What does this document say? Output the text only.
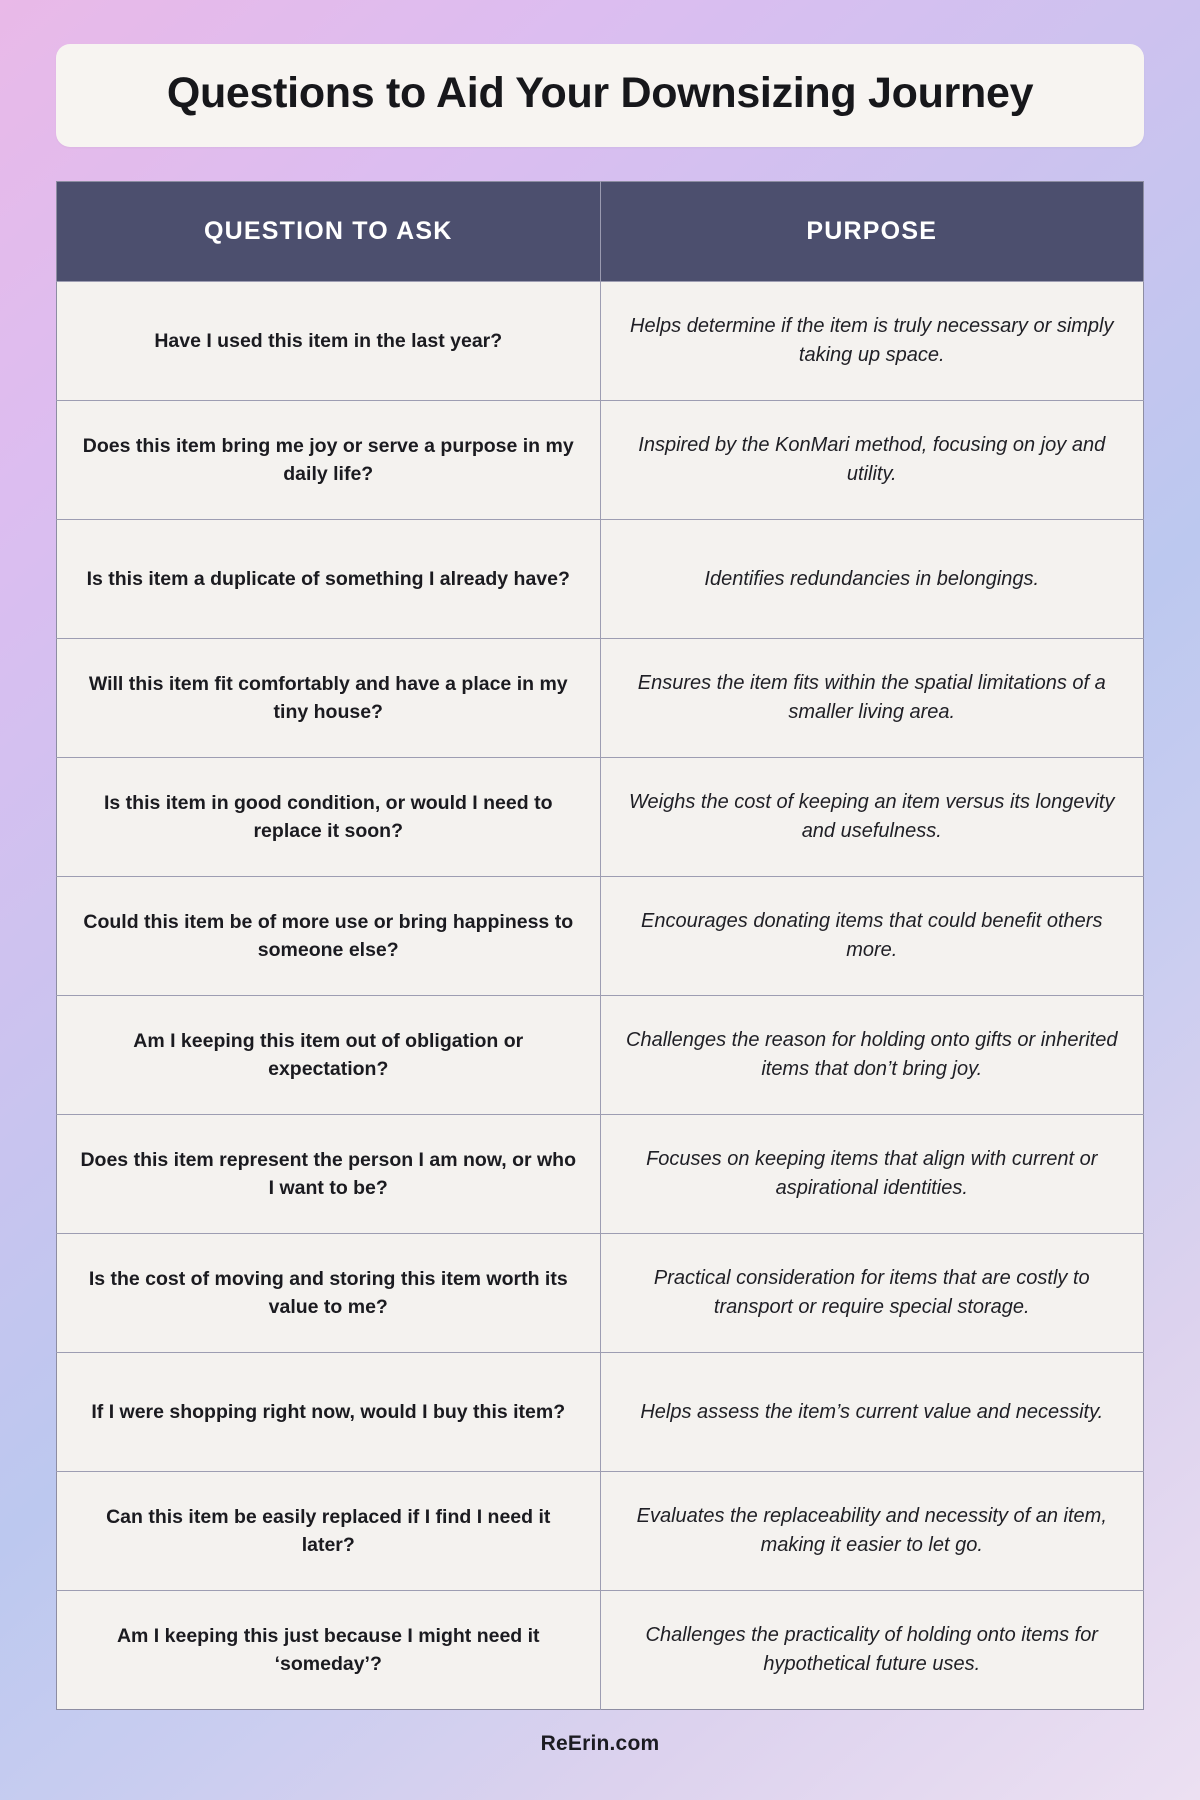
Questions to Aid Your Downsizing Journey
QUESTION TO ASK	PURPOSE
Have I used this item in the last year?	Helps determine if the item is truly necessary or simply taking up space.
Does this item bring me joy or serve a purpose in my daily life?	Inspired by the KonMari method, focusing on joy and utility.
Is this item a duplicate of something I already have?	Identifies redundancies in belongings.
Will this item fit comfortably and have a place in my tiny house?	Ensures the item fits within the spatial limitations of a smaller living area.
Is this item in good condition, or would I need to replace it soon?	Weighs the cost of keeping an item versus its longevity and usefulness.
Could this item be of more use or bring happiness to someone else?	Encourages donating items that could benefit others more.
Am I keeping this item out of obligation or expectation?	Challenges the reason for holding onto gifts or inherited items that don’t bring joy.
Does this item represent the person I am now, or who I want to be?	Focuses on keeping items that align with current or aspirational identities.
Is the cost of moving and storing this item worth its value to me?	Practical consideration for items that are costly to transport or require special storage.
If I were shopping right now, would I buy this item?	Helps assess the item’s current value and necessity.
Can this item be easily replaced if I find I need it later?	Evaluates the replaceability and necessity of an item, making it easier to let go.
Am I keeping this just because I might need it ‘someday’?	Challenges the practicality of holding onto items for hypothetical future uses.
ReErin.com
